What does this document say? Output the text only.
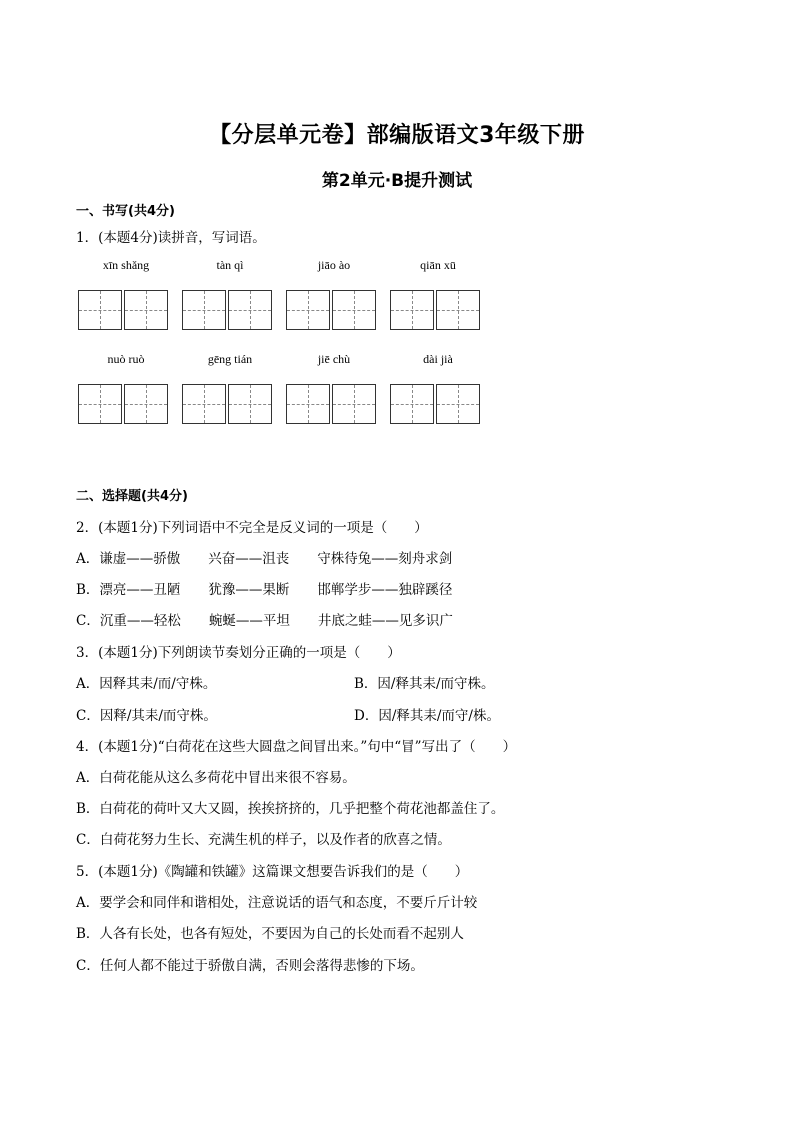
【分层单元卷】部编版语文3年级下册
第2单元·B提升测试
一、书写(共4分)
1．(本题4分)读拼音，写词语。
xīn shǎng	tàn qì	jiāo ào	qiān xū
nuò ruò	gēng tián	jiē chù	dài jià
二、选择题(共4分)
2．(本题1分)下列词语中不完全是反义词的一项是（　　）
A．谦虚——骄傲 兴奋——沮丧 守株待兔——刻舟求剑
B．漂亮——丑陋 犹豫——果断 邯郸学步——独辟蹊径
C．沉重——轻松 蜿蜒——平坦 井底之蛙——见多识广
3．(本题1分)下列朗读节奏划分正确的一项是（　　）
A．因释其耒/而/守株。	B．因/释其耒/而守株。
C．因释/其耒/而守株。	D．因/释其耒/而守/株。
4．(本题1分)“白荷花在这些大圆盘之间冒出来。”句中“冒”写出了（　　）
A．白荷花能从这么多荷花中冒出来很不容易。
B．白荷花的荷叶又大又圆，挨挨挤挤的，几乎把整个荷花池都盖住了。
C．白荷花努力生长、充满生机的样子，以及作者的欣喜之情。
5．(本题1分)《陶罐和铁罐》这篇课文想要告诉我们的是（　　）
A．要学会和同伴和谐相处，注意说话的语气和态度，不要斤斤计较
B．人各有长处，也各有短处，不要因为自己的长处而看不起别人
C．任何人都不能过于骄傲自满，否则会落得悲惨的下场。
